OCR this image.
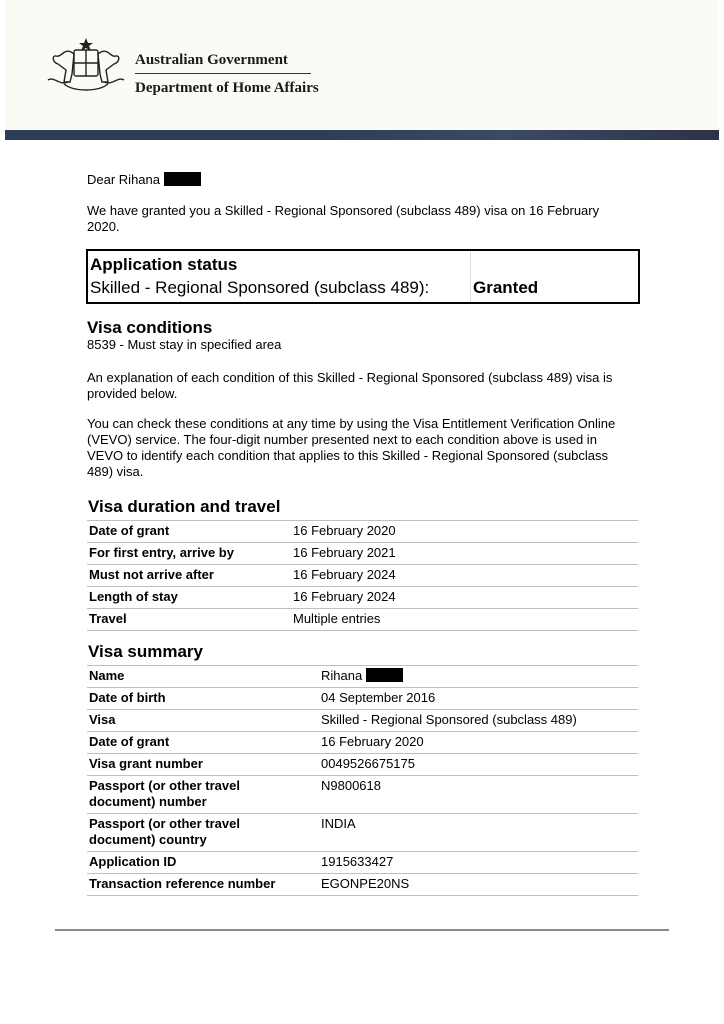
Australian Government
Department of Home Affairs
Dear Rihana
We have granted you a Skilled - Regional Sponsored (subclass 489) visa on 16 February
2020.
Application status
Skilled - Regional Sponsored (subclass 489):	Granted
Visa conditions
8539 - Must stay in specified area
An explanation of each condition of this Skilled - Regional Sponsored (subclass 489) visa is
provided below.
You can check these conditions at any time by using the Visa Entitlement Verification Online
(VEVO) service. The four-digit number presented next to each condition above is used in
VEVO to identify each condition that applies to this Skilled - Regional Sponsored (subclass
489) visa.
Visa duration and travel
Date of grant	16 February 2020
For first entry, arrive by	16 February 2021
Must not arrive after	16 February 2024
Length of stay	16 February 2024
Travel	Multiple entries
Visa summary
Name	Rihana
Date of birth	04 September 2016
Visa	Skilled - Regional Sponsored (subclass 489)
Date of grant	16 February 2020
Visa grant number	0049526675175
Passport (or other travel document) number	N9800618
Passport (or other travel document) country	INDIA
Application ID	1915633427
Transaction reference number	EGONPE20NS
